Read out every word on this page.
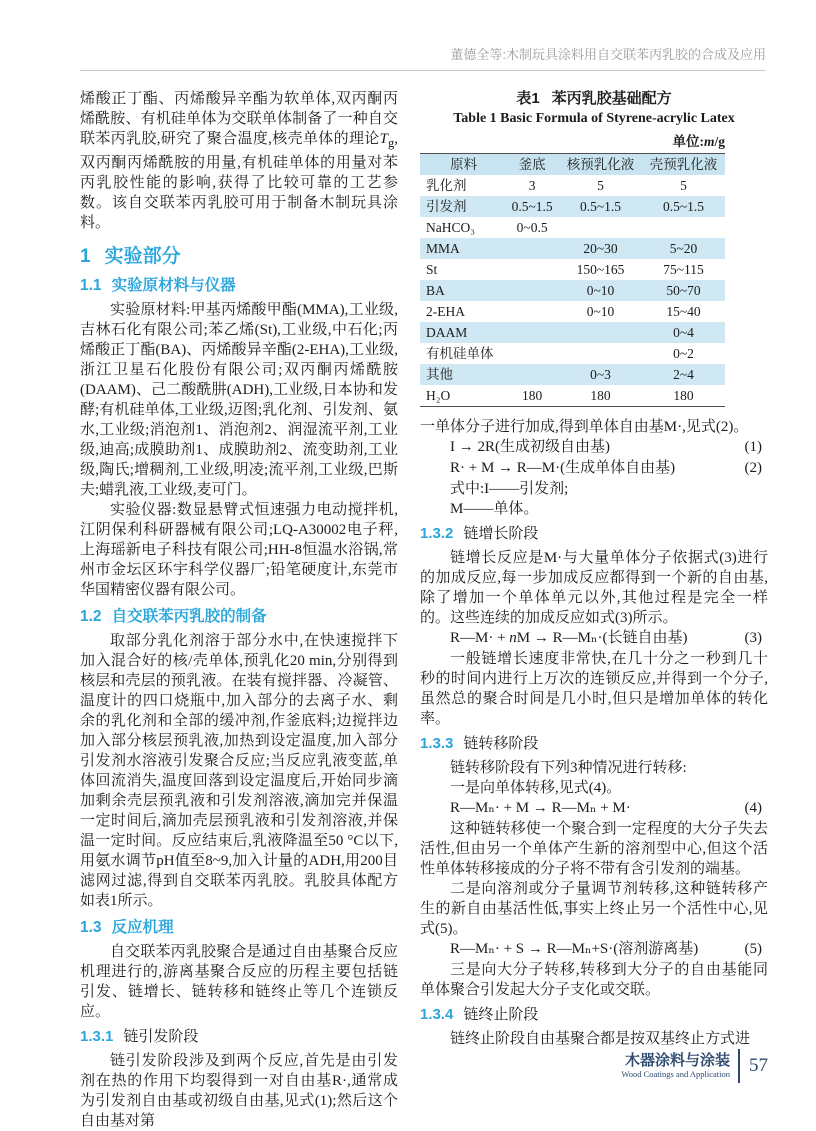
董德全等:木制玩具涂料用自交联苯丙乳胶的合成及应用

烯酸正丁酯、丙烯酸异辛酯为软单体,双丙酮丙烯酰胺、有机硅单体为交联单体制备了一种自交联苯丙乳胶,研究了聚合温度,核壳单体的理论$T_g$,双丙酮丙烯酰胺的用量,有机硅单体的用量对苯丙乳胶性能的影响,获得了比较可靠的工艺参数。该自交联苯丙乳胶可用于制备木制玩具涂料。

1 实验部分
1.1 实验原材料与仪器

实验原材料:甲基丙烯酸甲酯(MMA),工业级,吉林石化有限公司;苯乙烯(St),工业级,中石化;丙烯酸正丁酯(BA)、丙烯酸异辛酯(2-EHA),工业级,浙江卫星石化股份有限公司;双丙酮丙烯酰胺(DAAM)、己二酸酰肼(ADH),工业级,日本协和发酵;有机硅单体,工业级,迈图;乳化剂、引发剂、氨水,工业级;消泡剂1、消泡剂2、润湿流平剂,工业级,迪高;成膜助剂1、成膜助剂2、流变助剂,工业级,陶氏;增稠剂,工业级,明凌;流平剂,工业级,巴斯夫;蜡乳液,工业级,麦可门。

实验仪器:数显悬臂式恒速强力电动搅拌机,江阴保利科研器械有限公司;LQ-A30002电子秤,上海瑶新电子科技有限公司;HH-8恒温水浴锅,常州市金坛区环宇科学仪器厂;铅笔硬度计,东莞市华国精密仪器有限公司。

1.2 自交联苯丙乳胶的制备

取部分乳化剂溶于部分水中,在快速搅拌下加入混合好的核/壳单体,预乳化20 min,分别得到核层和壳层的预乳液。在装有搅拌器、冷凝管、温度计的四口烧瓶中,加入部分的去离子水、剩余的乳化剂和全部的缓冲剂,作釜底料;边搅拌边加入部分核层预乳液,加热到设定温度,加入部分引发剂水溶液引发聚合反应;当反应乳液变蓝,单体回流消失,温度回落到设定温度后,开始同步滴加剩余壳层预乳液和引发剂溶液,滴加完并保温一定时间后,滴加壳层预乳液和引发剂溶液,并保温一定时间。反应结束后,乳液降温至50 °C以下,用氨水调节pH值至8~9,加入计量的ADH,用200目滤网过滤,得到自交联苯丙乳胶。乳胶具体配方如表1所示。

1.3 反应机理

自交联苯丙乳胶聚合是通过自由基聚合反应机理进行的,游离基聚合反应的历程主要包括链引发、链增长、链转移和链终止等几个连锁反应。

1.3.1 链引发阶段

链引发阶段涉及到两个反应,首先是由引发剂在热的作用下均裂得到一对自由基R·,通常成为引发剂自由基或初级自由基,见式(1);然后这个自由基对第

表1 苯丙乳胶基础配方
Table 1 Basic Formula of Styrene-acrylic Latex
单位:m/g
原料	釜底	核预乳化液	壳预乳化液
乳化剂	3	5	5
引发剂	0.5~1.5	0.5~1.5	0.5~1.5
NaHCO₃	0~0.5		
MMA		20~30	5~20
St		150~165	75~115
BA		0~10	50~70
2-EHA		0~10	15~40
DAAM			0~4
有机硅单体			0~2
其他		0~3	2~4
H₂O	180	180	180

一单体分子进行加成,得到单体自由基M·,见式(2)。

I → 2R(生成初级自由基)	(1)
R· + M → R—M·(生成单体自由基)	(2)

式中:I——引发剂;

M——单体。

1.3.2 链增长阶段

链增长反应是M·与大量单体分子依据式(3)进行的加成反应,每一步加成反应都得到一个新的自由基,除了增加一个单体单元以外,其他过程是完全一样的。这些连续的加成反应如式(3)所示。

R—M· + nM → R—Mₙ·(长链自由基)	(3)

一般链增长速度非常快,在几十分之一秒到几十秒的时间内进行上万次的连锁反应,并得到一个分子,虽然总的聚合时间是几小时,但只是增加单体的转化率。

1.3.3 链转移阶段

链转移阶段有下列3种情况进行转移:

一是向单体转移,见式(4)。

R—Mₙ· + M → R—Mₙ + M·	(4)

这种链转移使一个聚合到一定程度的大分子失去活性,但由另一个单体产生新的溶剂型中心,但这个活性单体转移接成的分子将不带有含引发剂的端基。

二是向溶剂或分子量调节剂转移,这种链转移产生的新自由基活性低,事实上终止另一个活性中心,见式(5)。

R—Mₙ· + S → R—Mₙ+S·(溶剂游离基)	(5)

三是向大分子转移,转移到大分子的自由基能同单体聚合引发起大分子支化或交联。

1.3.4 链终止阶段

链终止阶段自由基聚合都是按双基终止方式进

木器涂料与涂装
Wood Coatings and Application	57
